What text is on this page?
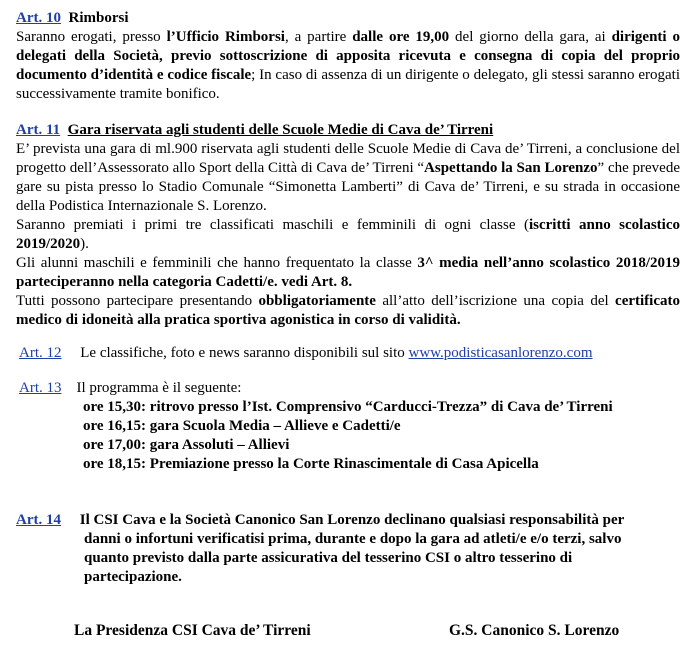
Art. 10 Rimborsi
Saranno erogati, presso l’Ufficio Rimborsi, a partire dalle ore 19,00 del giorno della gara, ai dirigenti o delegati della Società, previo sottoscrizione di apposita ricevuta e consegna di copia del proprio documento d’identità e codice fiscale; In caso di assenza di un dirigente o delegato, gli stessi saranno erogati successivamente tramite bonifico.

Art. 11 Gara riservata agli studenti delle Scuole Medie di Cava de’ Tirreni

E’ prevista una gara di ml.900 riservata agli studenti delle Scuole Medie di Cava de’ Tirreni, a conclusione del progetto dell’Assessorato allo Sport della Città di Cava de’ Tirreni “Aspettando la San Lorenzo” che prevede gare su pista presso lo Stadio Comunale “Simonetta Lamberti” di Cava de’ Tirreni, e su strada in occasione della Podistica Internazionale S. Lorenzo.

Saranno premiati i primi tre classificati maschili e femminili di ogni classe (iscritti anno scolastico 2019/2020).

Gli alunni maschili e femminili che hanno frequentato la classe 3^ media nell’anno scolastico 2018/2019 parteciperanno nella categoria Cadetti/e. vedi Art. 8.

Tutti possono partecipare presentando obbligatoriamente all’atto dell’iscrizione una copia del certificato medico di idoneità alla pratica sportiva agonistica in corso di validità.

Art. 12 Le classifiche, foto e news saranno disponibili sul sito www.podisticasanlorenzo.com

Art. 13 Il programma è il seguente:

ore 15,30: ritrovo presso l’Ist. Comprensivo “Carducci-Trezza” di Cava de’ Tirreni

ore 16,15: gara Scuola Media – Allieve e Cadetti/e

ore 17,00: gara Assoluti – Allievi

ore 18,15: Premiazione presso la Corte Rinascimentale di Casa Apicella

Art. 14 Il CSI Cava e la Società Canonico San Lorenzo declinano qualsiasi responsabilità per

danni o infortuni verificatisi prima, durante e dopo la gara ad atleti/e e/o terzi, salvo

quanto previsto dalla parte assicurativa del tesserino CSI o altro tesserino di

partecipazione.

La Presidenza CSI Cava de’ Tirreni	G.S. Canonico S. Lorenzo
